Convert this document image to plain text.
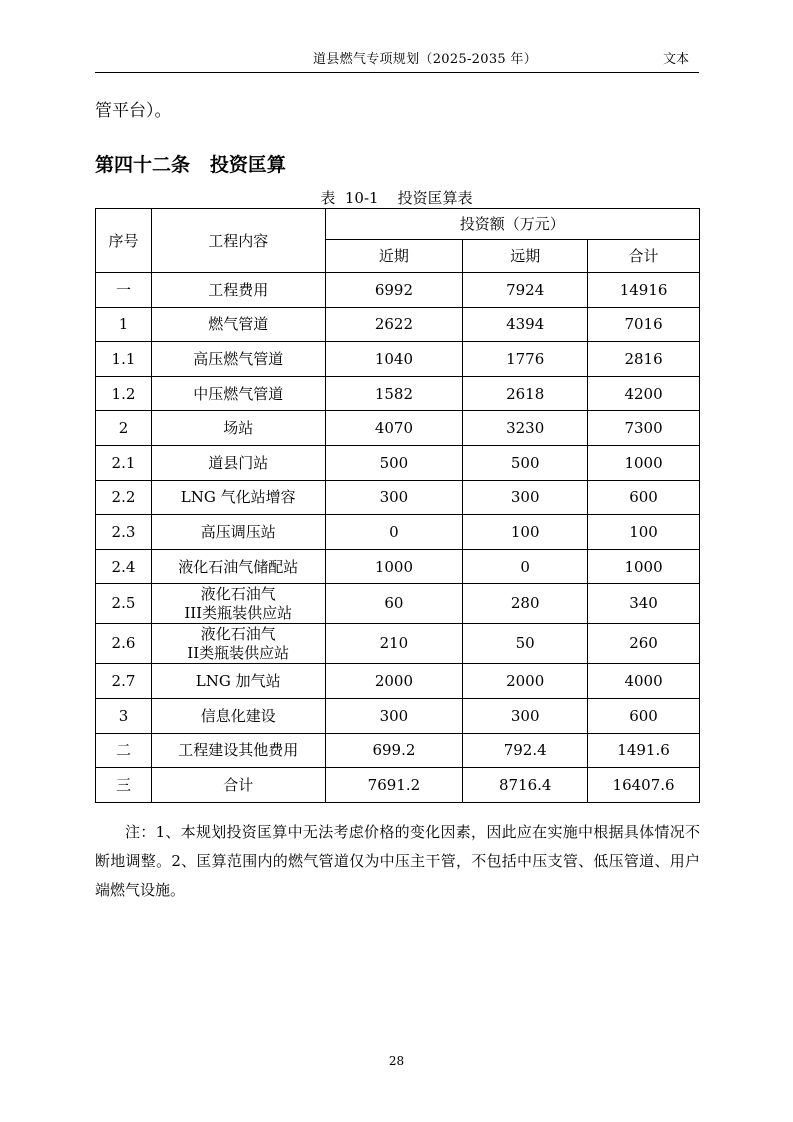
道县燃气专项规划（2025-2035 年）	文本
管平台）。
第四十二条   投资匡算
表  10-1    投资匡算表
序号	工程内容	投资额（万元）		
		近期	远期	合计
一	工程费用	6992	7924	14916
1	燃气管道	2622	4394	7016
1.1	高压燃气管道	1040	1776	2816
1.2	中压燃气管道	1582	2618	4200
2	场站	4070	3230	7300
2.1	道县门站	500	500	1000
2.2	LNG 气化站增容	300	300	600
2.3	高压调压站	0	100	100
2.4	液化石油气储配站	1000	0	1000
2.5	液化石油气
III类瓶装供应站	60	280	340
2.6	液化石油气
II类瓶装供应站	210	50	260
2.7	LNG 加气站	2000	2000	4000
3	信息化建设	300	300	600
二	工程建设其他费用	699.2	792.4	1491.6
三	合计	7691.2	8716.4	16407.6
注：1、本规划投资匡算中无法考虑价格的变化因素，因此应在实施中根据具体情况不断地调整。2、匡算范围内的燃气管道仅为中压主干管，不包括中压支管、低压管道、用户端燃气设施。
28
